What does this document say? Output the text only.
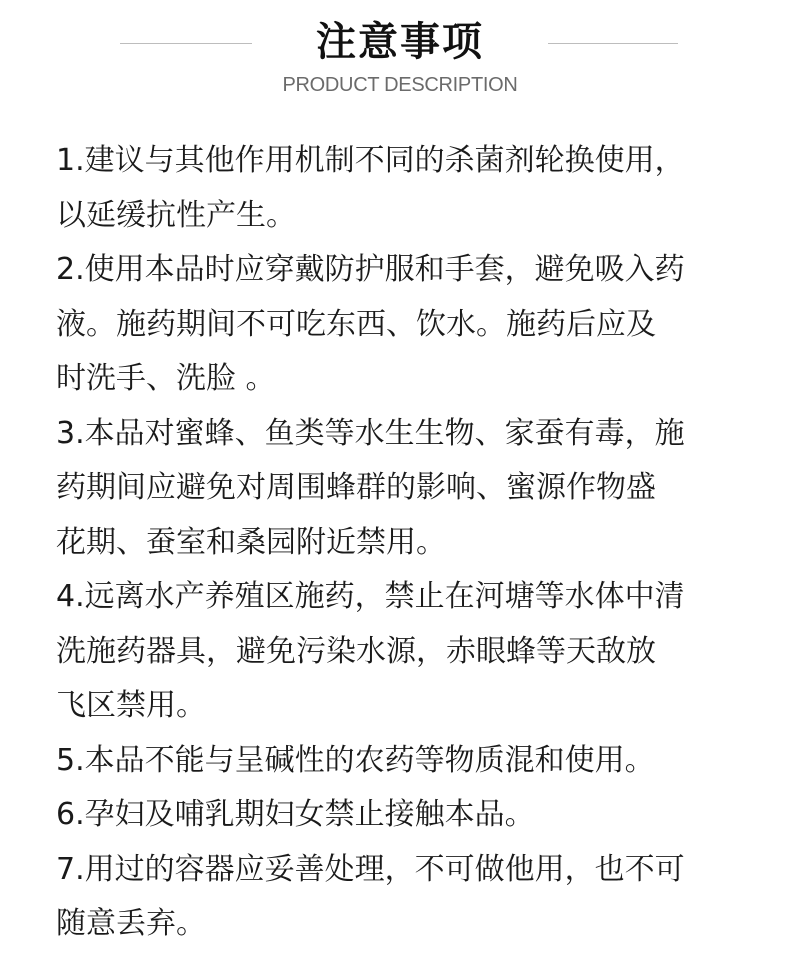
注意事项
PRODUCT DESCRIPTION
1.建议与其他作用机制不同的杀菌剂轮换使用，
以延缓抗性产生。
2.使用本品时应穿戴防护服和手套，避免吸入药
液。施药期间不可吃东西、饮水。施药后应及
时洗手、洗脸 。
3.本品对蜜蜂、鱼类等水生生物、家蚕有毒，施
药期间应避免对周围蜂群的影响、蜜源作物盛
花期、蚕室和桑园附近禁用。
4.远离水产养殖区施药，禁止在河塘等水体中清
洗施药器具，避免污染水源，赤眼蜂等天敌放
飞区禁用。
5.本品不能与呈碱性的农药等物质混和使用。
6.孕妇及哺乳期妇女禁止接触本品。
7.用过的容器应妥善处理，不可做他用，也不可
随意丢弃。
